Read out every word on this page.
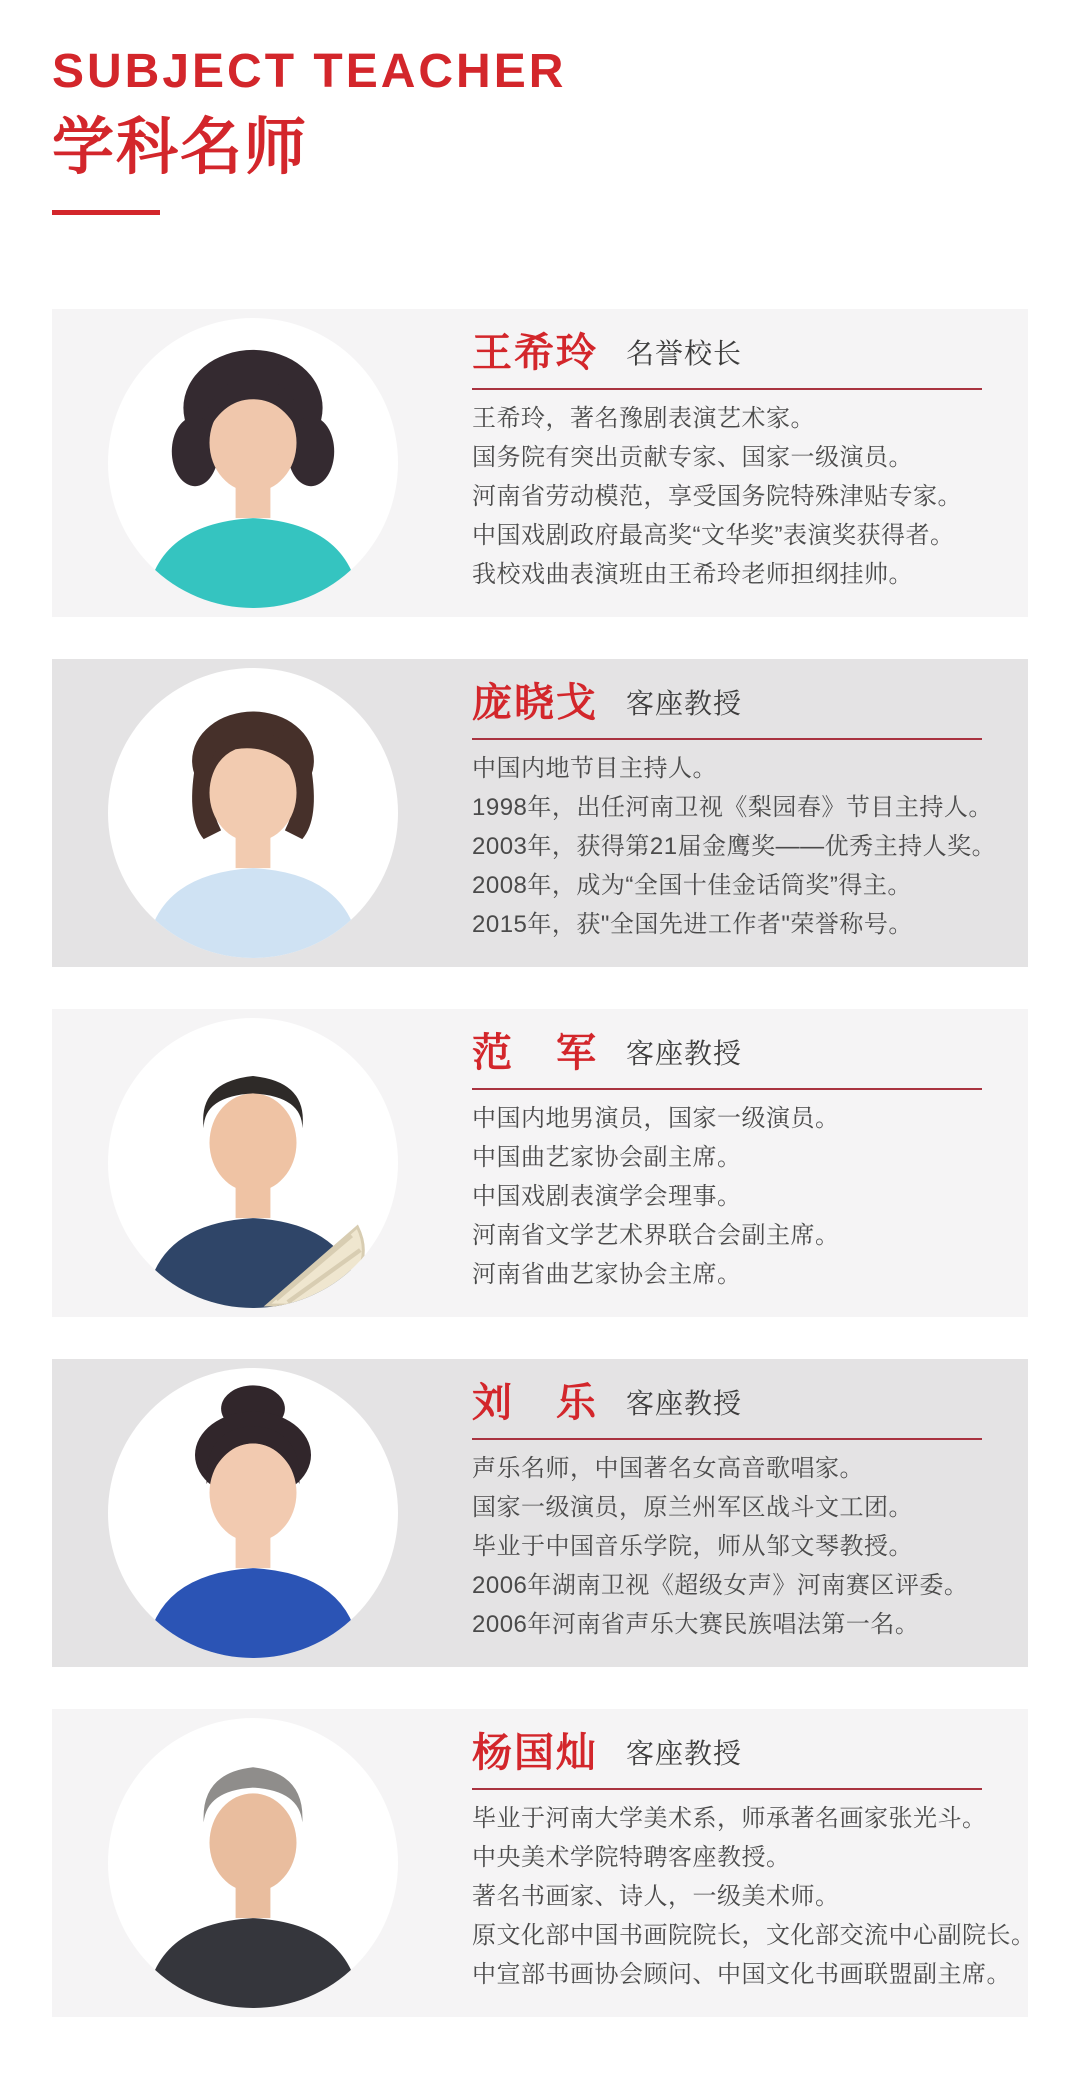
SUBJECT TEACHER
学科名师
王希玲 名誉校长

王希玲，著名豫剧表演艺术家。

国务院有突出贡献专家、国家一级演员。

河南省劳动模范，享受国务院特殊津贴专家。

中国戏剧政府最高奖“文华奖”表演奖获得者。

我校戏曲表演班由王希玲老师担纲挂帅。

庞晓戈 客座教授

中国内地节目主持人。

1998年，出任河南卫视《梨园春》节目主持人。

2003年，获得第21届金鹰奖——优秀主持人奖。

2008年，成为“全国十佳金话筒奖”得主。

2015年，获"全国先进工作者"荣誉称号。

范　军 客座教授

中国内地男演员，国家一级演员。

中国曲艺家协会副主席。

中国戏剧表演学会理事。

河南省文学艺术界联合会副主席。

河南省曲艺家协会主席。

刘　乐 客座教授

声乐名师，中国著名女高音歌唱家。

国家一级演员，原兰州军区战斗文工团。

毕业于中国音乐学院，师从邹文琴教授。

2006年湖南卫视《超级女声》河南赛区评委。

2006年河南省声乐大赛民族唱法第一名。

杨国灿 客座教授

毕业于河南大学美术系，师承著名画家张光斗。

中央美术学院特聘客座教授。

著名书画家、诗人，一级美术师。

原文化部中国书画院院长，文化部交流中心副院长。

中宣部书画协会顾问、中国文化书画联盟副主席。
